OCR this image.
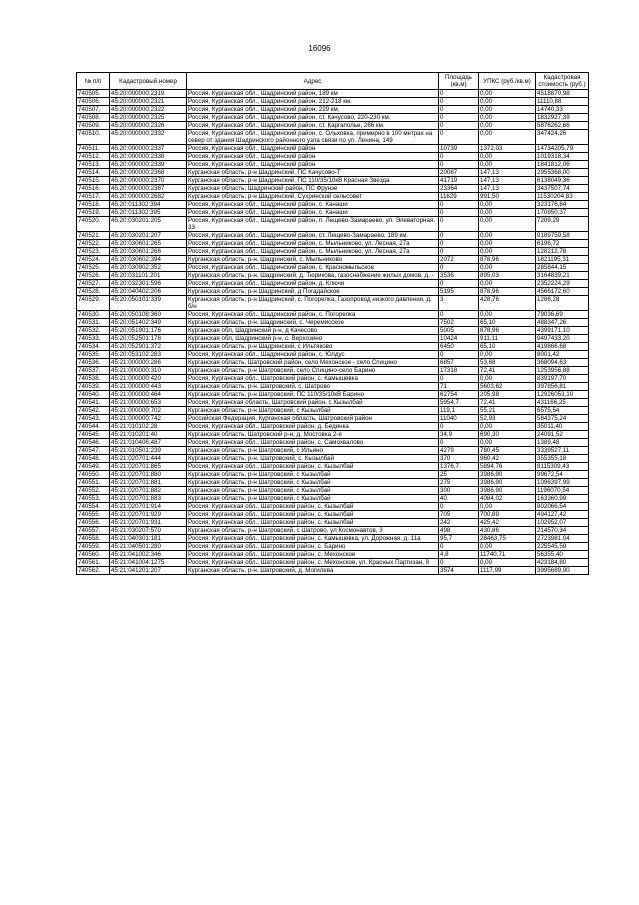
16096
№ п/п	Кадастровый номер	Адрес	Площадь (кв.м)	УПКС (руб./кв.м)	Кадастровая стоимость (руб.)
740505.	45:20:000000:2319	Россия, Курганская обл., Шадринский район, 189 км	0	0,00	4518870,98
740506.	45:20:000000:2321	Россия, Курганская обл., Шадринский район, 212-218 км.	0	0,00	11110,88
740507.	45:20:000000:2322	Россия, Курганская обл., Шадринский район, 229 км.	0	0,00	14740,33
740508.	45:20:000000:2325	Россия, Курганская обл., Шадринский район, ст. Качусово, 220-230 км.	0	0,00	1832927,39
740509.	45:20:000000:2326	Россия, Курганская обл., Шадринский район, ст. Каргаполье, 266 км.	0	0,00	5876262,66
740510.	45:20:000000:2332	Россия, Курганская обл., Шадринский район, с. Ольховка, примерно в 100 метрах на север от здания Шадринского районного узла связи по ул. Ленина, 149	0	0,00	347424,26
740511.	45:20:000000:2337	Россия, Курганская обл., Шадринский район	10739	1372,03	14734205,79
740512.	45:20:000000:2338	Россия, Курганская обл., Шадринский район	0	0,00	1019318,34
740513.	45:20:000000:2339	Россия, Курганская обл., Шадринский район	0	0,00	1841812,06
740514.	45:20:000000:2368	Курганская область, р-н Шадринский, ПС Качусово-Т	20087	147,13	2955368,00
740515.	45:20:000000:2370	Курганская область, р-н Шадринский, ПС 110/35/10кВ Красная Звезда	41719	147,13	6138049,36
740516.	45:20:000000:2387	Курганская область, Шадринский район, ПС Фрунзе	23364	147,13	3437507,74
740517.	45:20:000000:2682	Курганская область, р-н Шадринский, Сухринский сельсовет	11629	991,50	11530204,83
740518.	45:20:011302:394	Россия, Курганская обл., Шадринский район, с. Канаши	0	0,00	323176,84
740519.	45:20:011302:395	Россия, Курганская обл., Шадринский район, с. Канаши	0	0,00	170950,37
740520.	45:20:030201:205	Россия, Курганская обл., Шадринский район, п. Лещево-Замараево, ул. Элеваторная, 33	0	0,00	7209,29
740521.	45:20:030201:207	Россия, Курганская обл., Шадринский район, ст. Лещево-Замараево, 189 км.	0	0,00	9189759,58
740522.	45:20:030601:265	Россия, Курганская обл., Шадринский район, с. Мыльниково, ул. Лесная, 27а	0	0,00	6196,72
740523.	45:20:030601:266	Россия, Курганская обл., Шадринский район, с. Мыльниково, ул. Лесная, 27а	0	0,00	128212,78
740524.	45:20:030602:394	Курганская область, р-н. Шадринский, с. Мыльниково	2072	878,96	1821195,31
740525.	45:20:030902:352	Россия, Курганская обл., Шадринский район, с. Красномыльское	0	0,00	285844,15
740526.	45:20:031101:201	Курганская область, р-н. Шадринский, д. Тюрикова, газоснабжение жилых домов, д. -	3536	895,03	3164839,21
740527.	45:20:032301:596	Россия, Курганская обл., Шадринский район, д. Ключи	0	0,00	2352224,29
740528.	45:20:040402:206	Курганская область, р-н Шадринский, д Погадайское	5195	878,96	4566172,60
740529.	45:20:050101:339	Курганская область, р-н Шадринский, с. Погорелка, Газопровод низкого давления, д. б/н	3	428,76	1286,28
740530.	45:20:050108:360	Россия, Курганская обл., Шадринский район, с. Погорелка	0	0,00	79036,69
740531.	45:20:051402:349	Курганская область, р-н. Шадринский, с. Черемисское	7502	65,10	488347,26
740532.	45:20:051901:176	Курганская обл, Шадринский р-н, д Качесово	5005	878,96	4399171,10
740533.	45:20:052501:178	Курганская обл, Шадринский р-н, с. Верхозино	10424	911,11	9497433,20
740534.	45:20:052901:372	Курганская область, р-н Шадринский, с Ильтяково	6450	65,10	419866,68
740535.	45:20:053102:283	Россия, Курганская обл., Шадринский район, с. Юлдус	0	0,00	8001,42
740536.	45:21:000000:286	Курганская область, Шатровский район, село Мехонское - село Спицино	6857	53,68	368094,63
740537.	45:21:000000:310	Курганская область, р-н Шатровский, село Спицино-село Барино	17318	72,41	1253956,88
740538.	45:21:000000:420	Россия, Курганская обл., Шатровский район, с. Камышевка	0	0,00	839197,70
740539.	45:21:000000:443	Курганская область, р-н. Шатровский, с. Шатрово	71	5603,62	397856,81
740540.	45:21:000000:464	Курганская область, р-н Шатровский, ПС 110/35/10кВ Барино	62754	205,98	12926053,10
740541.	45:21:000000:653	Россия, Курганская область, Шатровский район, с Кызылбай	5954,7	72,41	431166,25
740542.	45:21:000000:702	Курганская область, р-н Шатровский, с Кызылбай	119,1	55,21	6575,54
740543.	45:21:000000:742	Российская Федерация, Курганская область, Шатровский район	11040	52,93	584375,24
740544.	45:21:010102:28	Россия, Курганская обл., Шатровский район, д. Бединка	0	0,00	35011,40
740545.	45:21:010201:40	Курганская область, Шатровский р-н, д. Мостовка 2-я	34,9	690,30	24091,52
740546.	45:21:010406:487	Россия, Курганская обл., Шатровский район, с. Самохвалово	0	0,00	1389,48
740547.	45:21:010501:239	Курганская область, р-н Шатровский, с Ильино	4279	780,45	3339527,11
740548.	45:21:020701:444	Курганская область, р-н. Шатровский, с. Кызылбай	370	960,42	355355,18
740549.	45:21:020701:865	Россия, Курганская обл., Шатровский район, с. Кызылбай	1376,7	5894,76	8115309,43
740550.	45:21:020701:880	Курганская область, р-н Шатровский, с Кызылбай	25	3986,90	99672,54
740551.	45:21:020701:881	Курганская область, р-н Шатровский, с Кызылбай	275	3986,90	1096397,99
740552.	45:21:020701:882	Курганская область, р-н Шатровский, с Кызылбай	300	3986,90	1196070,54
740553.	45:21:020701:883	Курганская область, р-н Шатровский, с Кызылбай	40	4084,02	163360,99
740554.	45:21:020701:914	Россия, Курганская обл., Шатровский район, с. Кызылбай	0	0,00	802066,54
740555.	45:21:020701:929	Россия, Курганская обл., Шатровский район, с. Кызылбай	705	700,89	494127,42
740556.	45:21:020701:931	Россия, Курганская обл., Шатровский район, с. Кызылбай	242	425,42	102952,07
740557.	45:21:030207:570	Курганская область, р-н Шатровский, с Шатрово, ул Космонавтов, 3	498	430,86	214570,34
740558.	45:21:040301:181	Россия, Курганская обл., Шатровский район, с. Камышевка, ул. Дорожная, д. 11а	95,7	28463,75	2723981,04
740559.	45:21:040501:280	Россия, Курганская обл., Шатровский район, с. Барино	0	0,00	225545,59
740560.	45:21:041002:346	Россия, Курганская обл., Шатровский район, с. Мехонское	4,8	11740,71	56355,40
740561.	45:21:041004:1275	Россия, Курганская обл., Шатровский район, с. Мехонское, ул. Красных Партизан, 8	0	0,00	423184,80
740562.	45:21:041201:207	Курганская область, р-н. Шатровский, д. Могилева	3574	1117,99	3995689,90
